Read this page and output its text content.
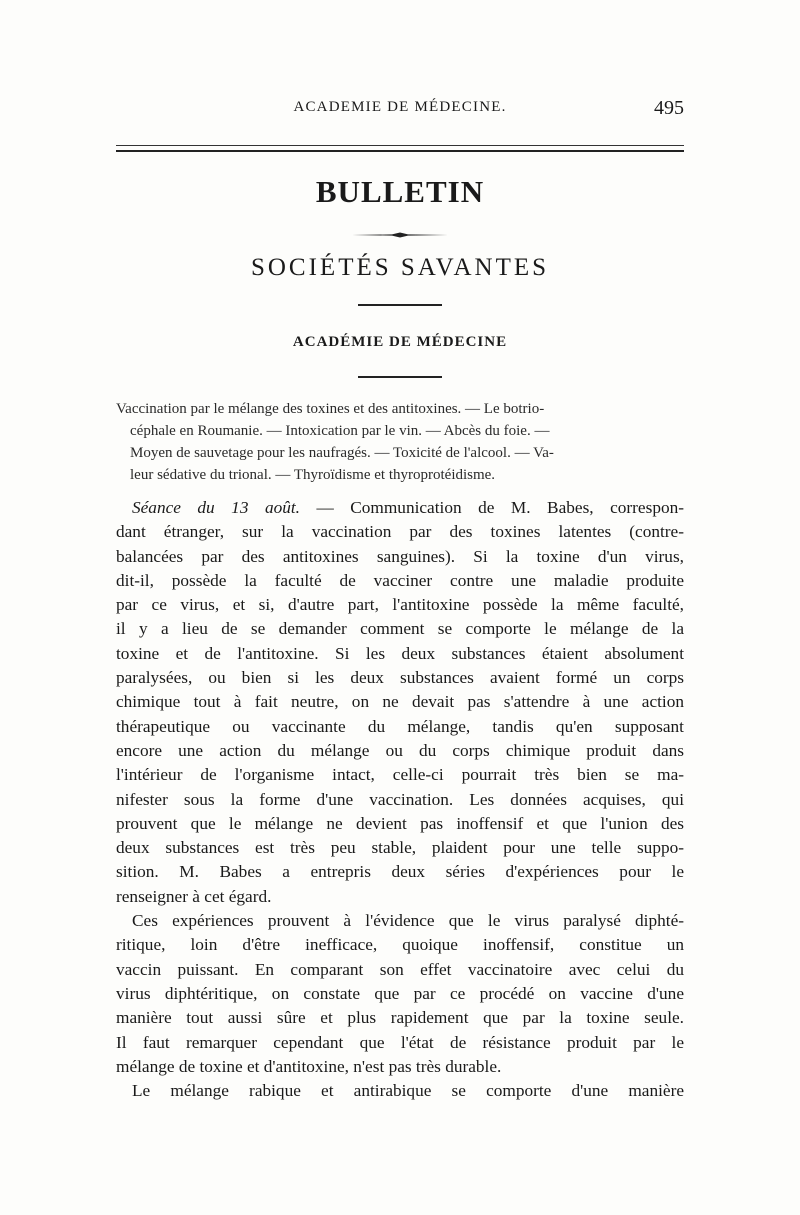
ACADEMIE DE MÉDECINE.	495
BULLETIN
SOCIÉTÉS SAVANTES
ACADÉMIE DE MÉDECINE
Vaccination par le mélange des toxines et des antitoxines. — Le botrio-
céphale en Roumanie. — Intoxication par le vin. — Abcès du foie. —
Moyen de sauvetage pour les naufragés. — Toxicité de l'alcool. — Va-
leur sédative du trional. — Thyroïdisme et thyroprotéidisme.
Séance du 13 août. — Communication de M. Babes, correspon-
dant étranger, sur la vaccination par des toxines latentes (contre-
balancées par des antitoxines sanguines). Si la toxine d'un virus,
dit-il, possède la faculté de vacciner contre une maladie produite
par ce virus, et si, d'autre part, l'antitoxine possède la même faculté,
il y a lieu de se demander comment se comporte le mélange de la
toxine et de l'antitoxine. Si les deux substances étaient absolument
paralysées, ou bien si les deux substances avaient formé un corps
chimique tout à fait neutre, on ne devait pas s'attendre à une action
thérapeutique ou vaccinante du mélange, tandis qu'en supposant
encore une action du mélange ou du corps chimique produit dans
l'intérieur de l'organisme intact, celle-ci pourrait très bien se ma-
nifester sous la forme d'une vaccination. Les données acquises, qui
prouvent que le mélange ne devient pas inoffensif et que l'union des
deux substances est très peu stable, plaident pour une telle suppo-
sition. M. Babes a entrepris deux séries d'expériences pour le
renseigner à cet égard.
Ces expériences prouvent à l'évidence que le virus paralysé diphté-
ritique, loin d'être inefficace, quoique inoffensif, constitue un
vaccin puissant. En comparant son effet vaccinatoire avec celui du
virus diphtéritique, on constate que par ce procédé on vaccine d'une
manière tout aussi sûre et plus rapidement que par la toxine seule.
Il faut remarquer cependant que l'état de résistance produit par le
mélange de toxine et d'antitoxine, n'est pas très durable.
Le mélange rabique et antirabique se comporte d'une manière
